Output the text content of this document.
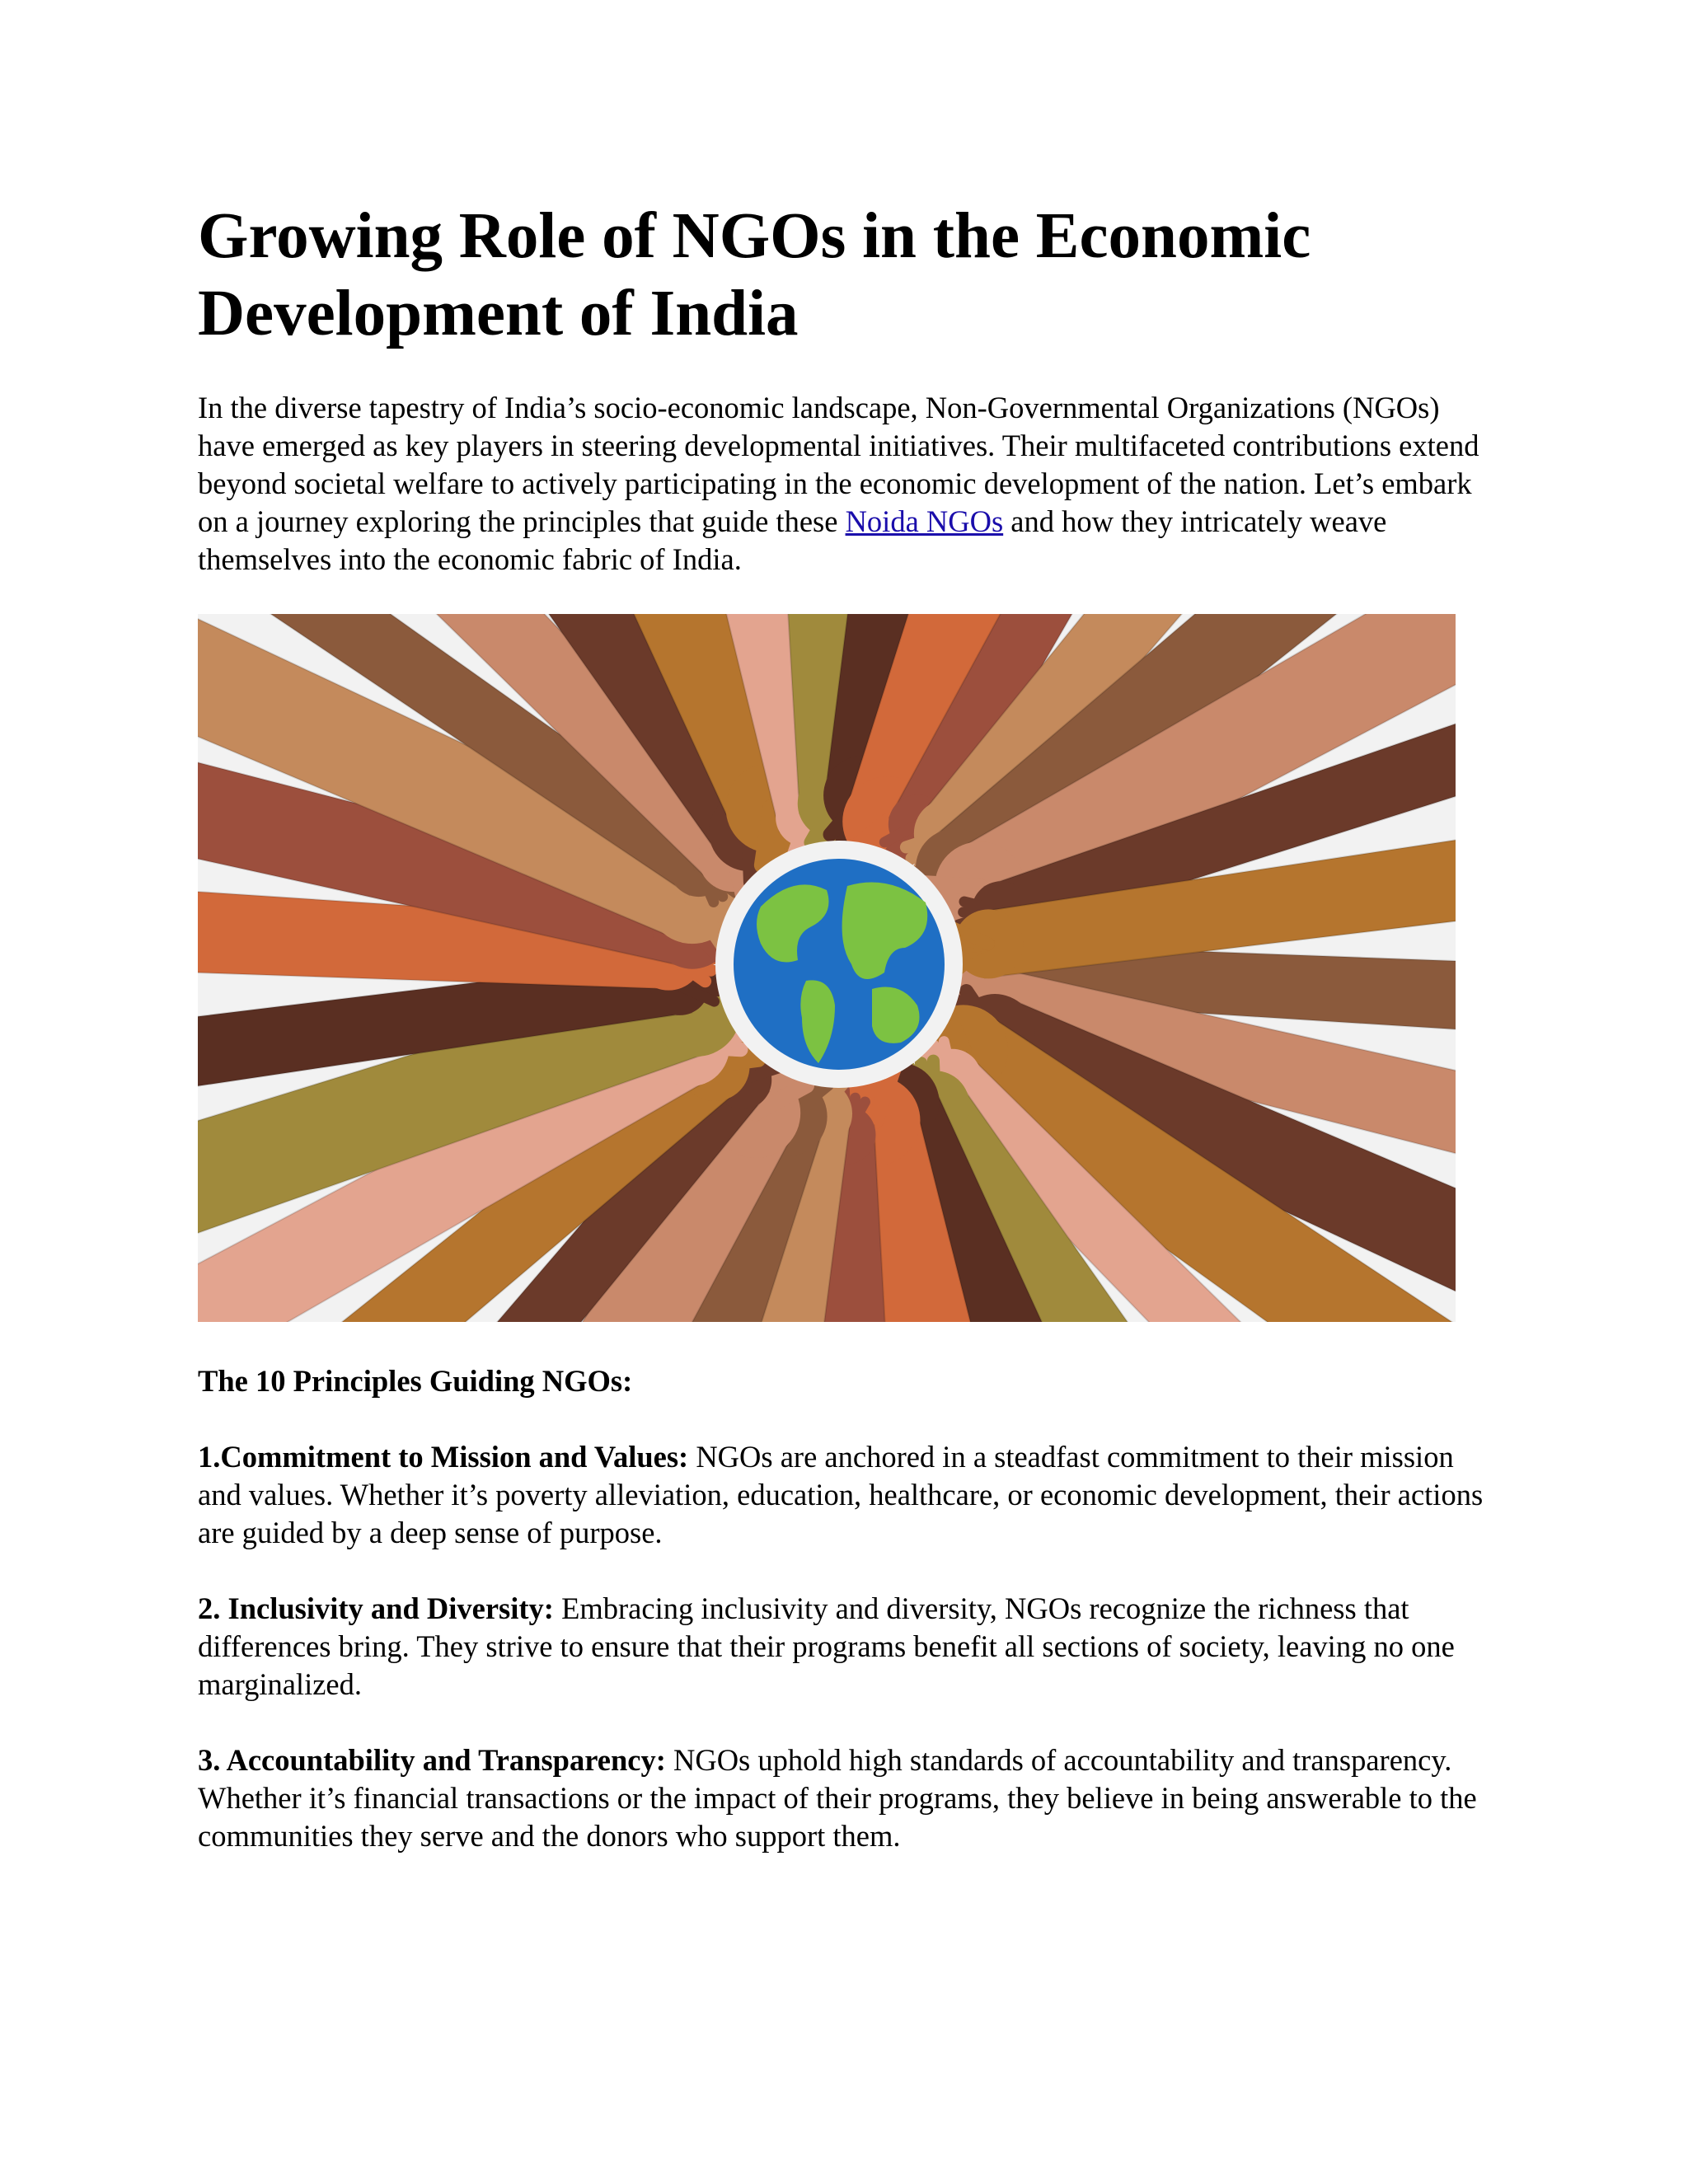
Growing Role of NGOs in the Economic Development of India

In the diverse tapestry of India’s socio-economic landscape, Non-Governmental Organizations (NGOs) have emerged as key players in steering developmental initiatives. Their multifaceted contributions extend beyond societal welfare to actively participating in the economic development of the nation. Let’s embark on a journey exploring the principles that guide these Noida NGOs and how they intricately weave themselves into the economic fabric of India.

The 10 Principles Guiding NGOs:

1.Commitment to Mission and Values: NGOs are anchored in a steadfast commitment to their mission and values. Whether it’s poverty alleviation, education, healthcare, or economic development, their actions are guided by a deep sense of purpose.

2. Inclusivity and Diversity: Embracing inclusivity and diversity, NGOs recognize the richness that differences bring. They strive to ensure that their programs benefit all sections of society, leaving no one marginalized.

3. Accountability and Transparency: NGOs uphold high standards of accountability and transparency. Whether it’s financial transactions or the impact of their programs, they believe in being answerable to the communities they serve and the donors who support them.
